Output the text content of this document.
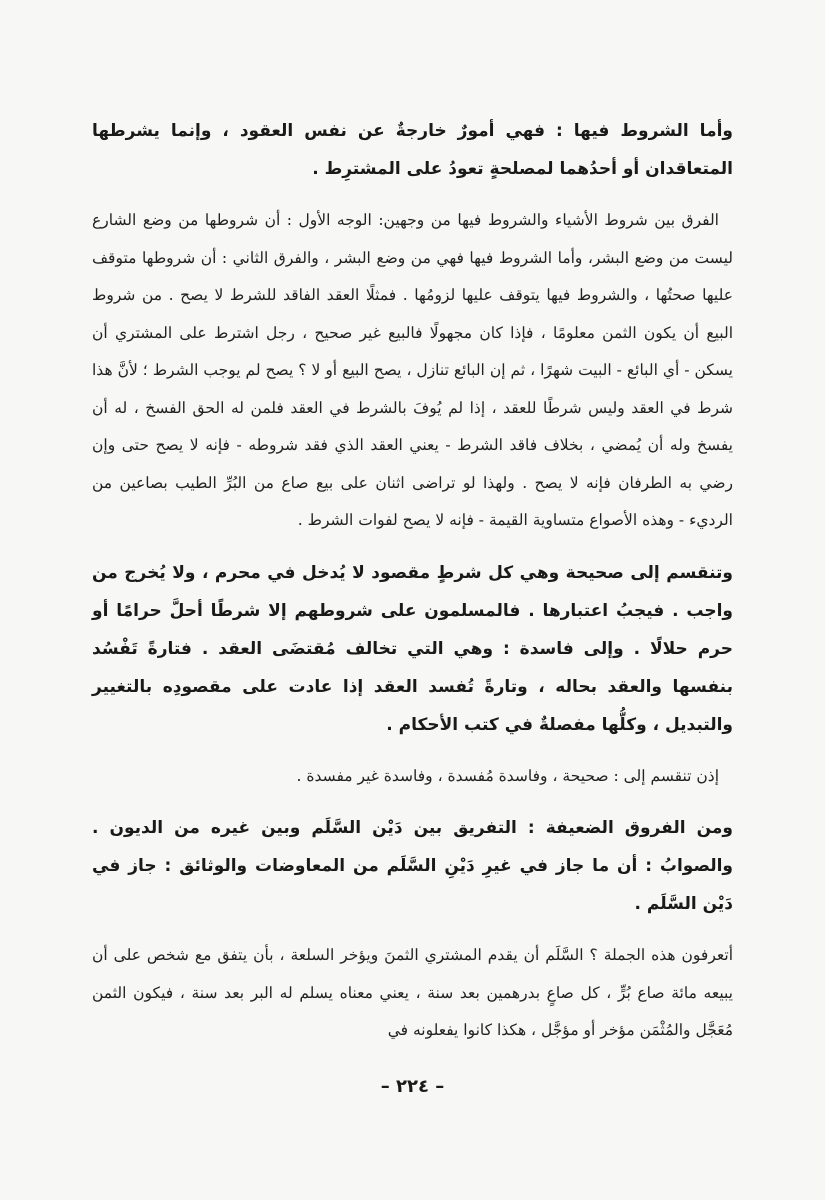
وأما الشروط فيها : فهي أمورٌ خارجةٌ عن نفس العقود ، وإنما يشرطها المتعاقدان أو أحدُهما لمصلحةٍ تعودُ على المشترِط .

الفرق بين شروط الأشياء والشروط فيها من وجهين: الوجه الأول : أن شروطها من وضع الشارع ليست من وضع البشر، وأما الشروط فيها فهي من وضع البشر ، والفرق الثاني : أن شروطها متوقف عليها صحتُها ، والشروط فيها يتوقف عليها لزومُها . فمثلًا العقد الفاقد للشرط لا يصح . من شروط البيع أن يكون الثمن معلومًا ، فإذا كان مجهولًا فالبيع غير صحيح ، رجل اشترط على المشتري أن يسكن - أي البائع - البيت شهرًا ، ثم إن البائع تنازل ، يصح البيع أو لا ؟ يصح لم يوجب الشرط ؛ لأنَّ هذا شرط في العقد وليس شرطًا للعقد ، إذا لم يُوفَ بالشرط في العقد فلمن له الحق الفسخ ، له أن يفسخ وله أن يُمضي ، بخلاف فاقد الشرط - يعني العقد الذي فقد شروطه - فإنه لا يصح حتى وإن رضي به الطرفان فإنه لا يصح . ولهذا لو تراضى اثنان على بيع صاع من البُرِّ الطيب بصاعين من الرديء - وهذه الأصواع متساوية القيمة - فإنه لا يصح لفوات الشرط .

وتنقسم إلى صحيحة وهي كل شرطٍ مقصود لا يُدخل في محرم ، ولا يُخرج من واجب . فيجبُ اعتبارها . فالمسلمون على شروطهم إلا شرطًا أحلَّ حرامًا أو حرم حلالًا . وإلى فاسدة : وهي التي تخالف مُقتضَى العقد . فتارةً تَفْسُد بنفسها والعقد بحاله ، وتارةً تُفسد العقد إذا عادت على مقصودِه بالتغيير والتبديل ، وكلُّها مفصلةٌ في كتب الأحكام .

إذن تنقسم إلى : صحيحة ، وفاسدة مُفسدة ، وفاسدة غير مفسدة .

ومن الفروق الضعيفة : التفريق بين دَيْن السَّلَم وبين غيره من الديون . والصوابُ : أن ما جاز في غيرِ دَيْنِ السَّلَم من المعاوضات والوثائق : جاز في دَيْن السَّلَم .

أتعرفون هذه الجملة ؟ السَّلَم أن يقدم المشتري الثمنَ ويؤخر السلعة ، بأن يتفق مع شخص على أن يبيعه مائة صاع بُرٍّ ، كل صاعٍ بدرهمين بعد سنة ، يعني معناه يسلم له البر بعد سنة ، فيكون الثمن مُعَجَّل والمُثْمَن مؤخر أو مؤجَّل ، هكذا كانوا يفعلونه في

– ٢٢٤ –
